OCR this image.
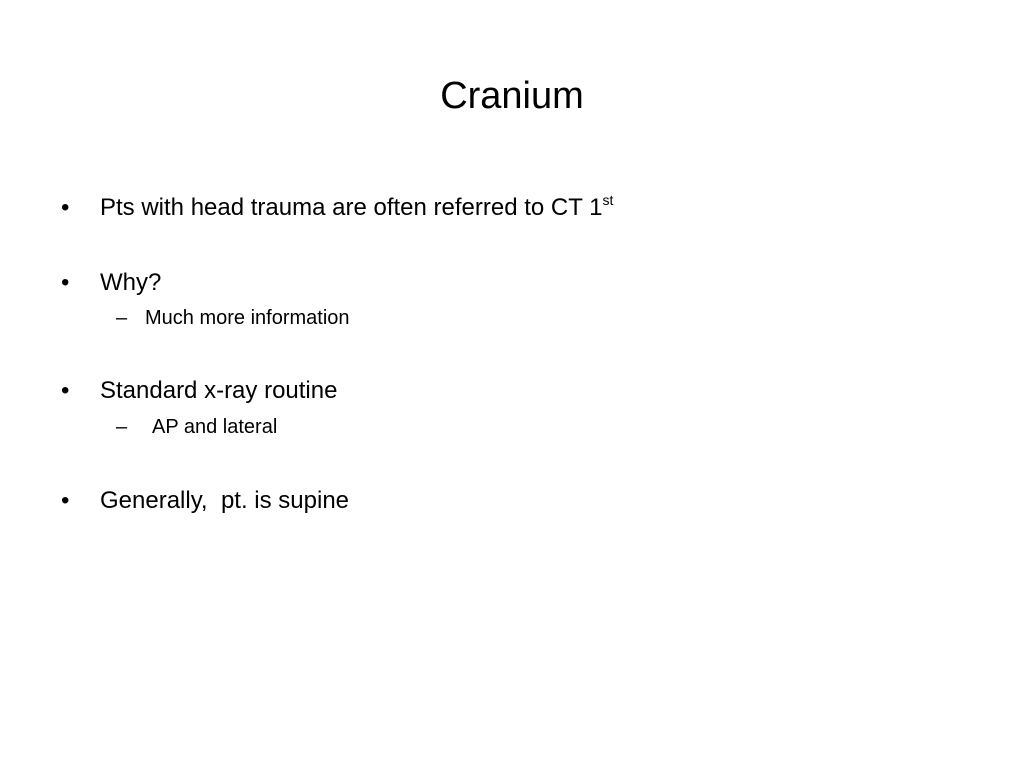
Cranium
• Pts with head trauma are often referred to CT 1st
• Why?
– Much more information
• Standard x-ray routine
– AP and lateral
• Generally,  pt. is supine
